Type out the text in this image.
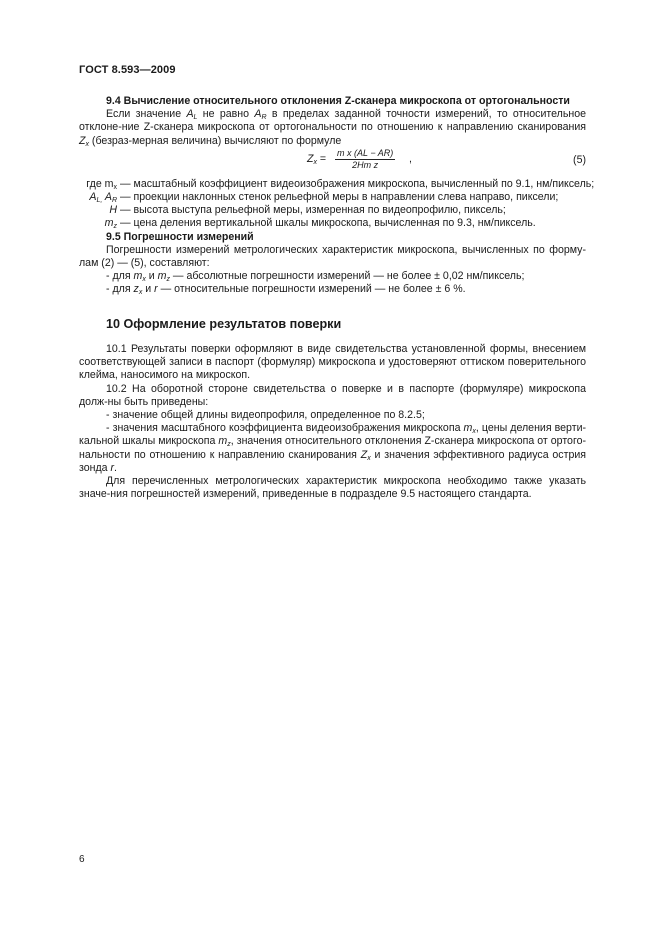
ГОСТ 8.593—2009

9.4 Вычисление относительного отклонения Z-сканера микроскопа от ортогональности

Если значение $A_L$ не равно $A_R$ в пределах заданной точности измерений, то относительное отклоне-ние Z-сканера микроскопа от ортогональности по отношению к направлению сканирования $Z_x$ (безраз-мерная величина) вычисляют по формуле

$Z_x = \frac{\text{m x (AL − AR)}}{\text{2Hm z}}$ ,	(5)
где $m_x$ — масштабный коэффициент видеоизображения микроскопа, вычисленный по 9.1, нм/пиксель;
$A_{L,}$ $A_R$ — проекции наклонных стенок рельефной меры в направлении слева направо, пиксели;
H — высота выступа рельефной меры, измеренная по видеопрофилю, пиксель;
$m_z$ — цена деления вертикальной шкалы микроскопа, вычисленная по 9.3, нм/пиксель.

9.5 Погрешности измерений

Погрешности измерений метрологических характеристик микроскопа, вычисленных по форму-лам (2) — (5), составляют:

- для $m_x$ и $m_z$ — абсолютные погрешности измерений — не более ± 0,02 нм/пиксель;

- для $z_x$ и r — относительные погрешности измерений — не более ± 6 %.

10 Оформление результатов поверки

10.1 Результаты поверки оформляют в виде свидетельства установленной формы, внесением соответствующей записи в паспорт (формуляр) микроскопа и удостоверяют оттиском поверительного клейма, наносимого на микроскоп.

10.2 На оборотной стороне свидетельства о поверке и в паспорте (формуляре) микроскопа долж-ны быть приведены:

- значение общей длины видеопрофиля, определенное по 8.2.5;

- значения масштабного коэффициента видеоизображения микроскопа $m_x$, цены деления верти-кальной шкалы микроскопа $m_z$, значения относительного отклонения Z-сканера микроскопа от ортого-нальности по отношению к направлению сканирования $Z_x$ и значения эффективного радиуса острия зонда r.

Для перечисленных метрологических характеристик микроскопа необходимо также указать значе-ния погрешностей измерений, приведенные в подразделе 9.5 настоящего стандарта.

6
